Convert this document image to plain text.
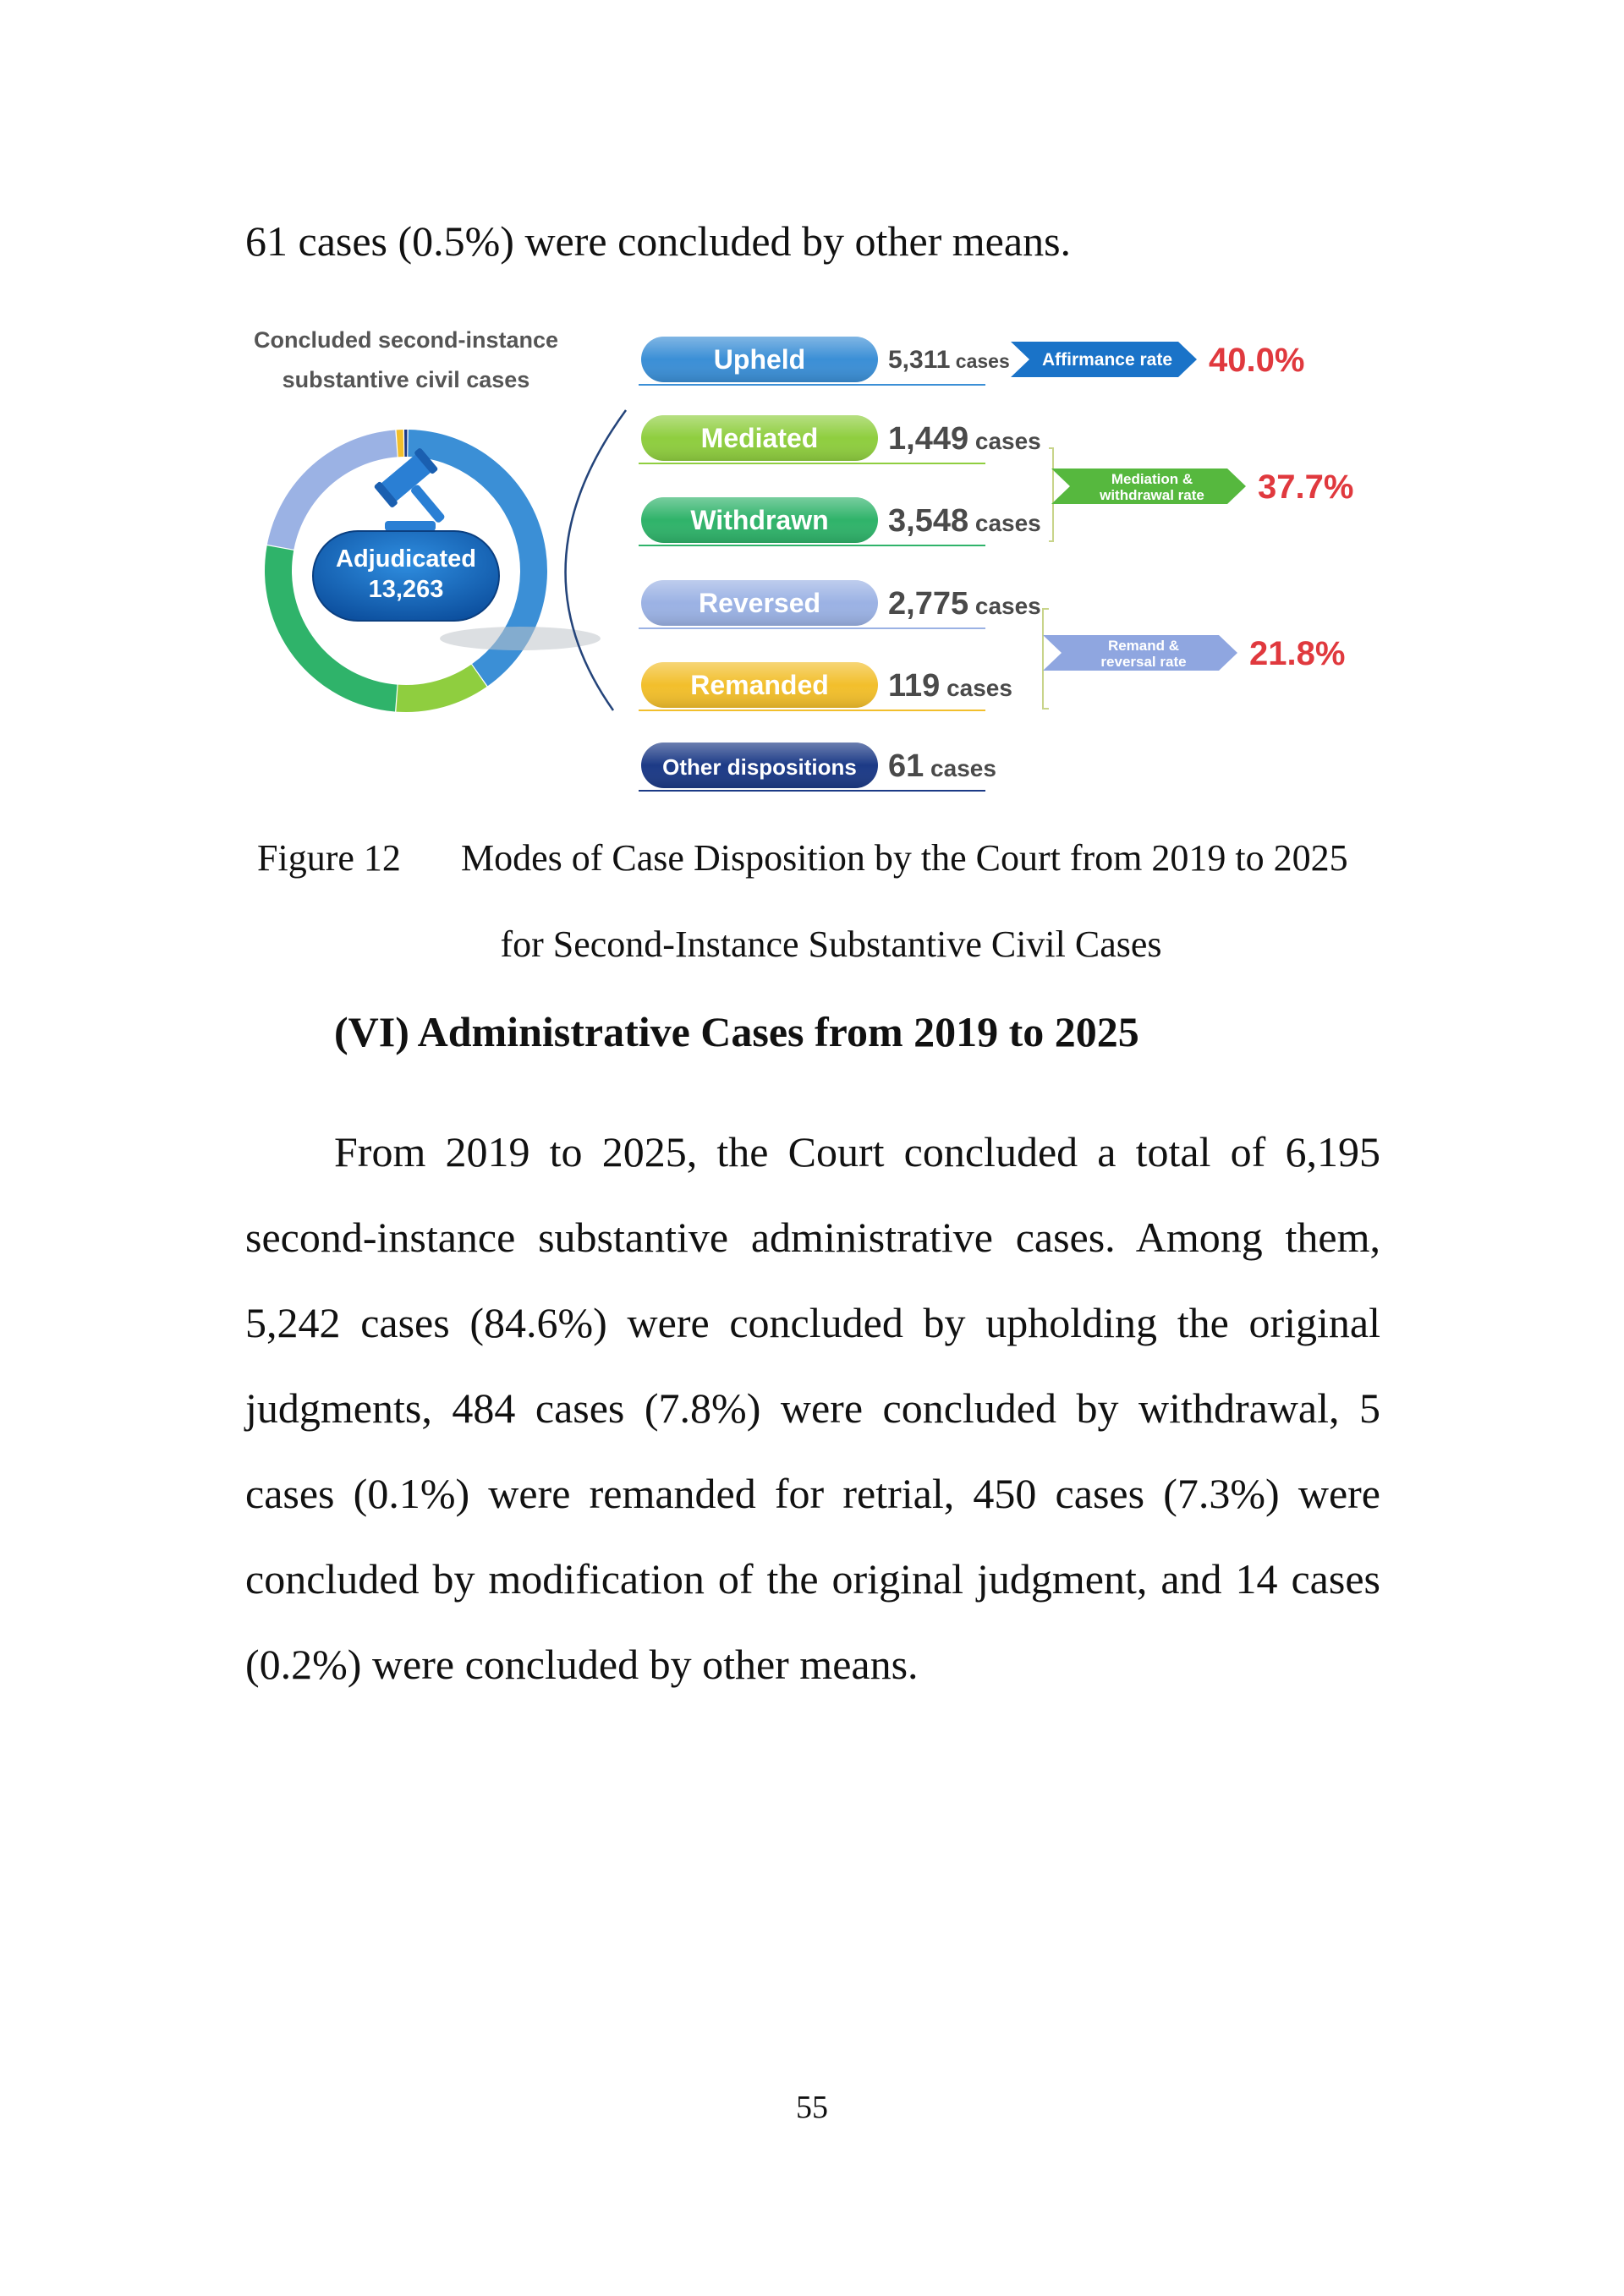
61 cases (0.5%) were concluded by other means.

Concluded second-instance
substantive civil cases
Adjudicated
13,263
Upheld	5,311 cases
Mediated 1,449 cases
Withdrawn 3,548 cases
Reversed 2,775 cases
Remanded 119 cases
Other dispositions 61 cases
Affirmance rate 40.0%
Mediation &
withdrawal rate 37.7%
Remand &
reversal rate 21.8%

Figure 12 Modes of Case Disposition by the Court from 2019 to 2025

for Second-Instance Substantive Civil Cases

(VI) Administrative Cases from 2019 to 2025

From 2019 to 2025, the Court concluded a total of 6,195 second-instance substantive administrative cases. Among them, 5,242 cases (84.6%) were concluded by upholding the original judgments, 484 cases (7.8%) were concluded by withdrawal, 5 cases (0.1%) were remanded for retrial, 450 cases (7.3%) were concluded by modification of the original judgment, and 14 cases (0.2%) were concluded by other means.

55
